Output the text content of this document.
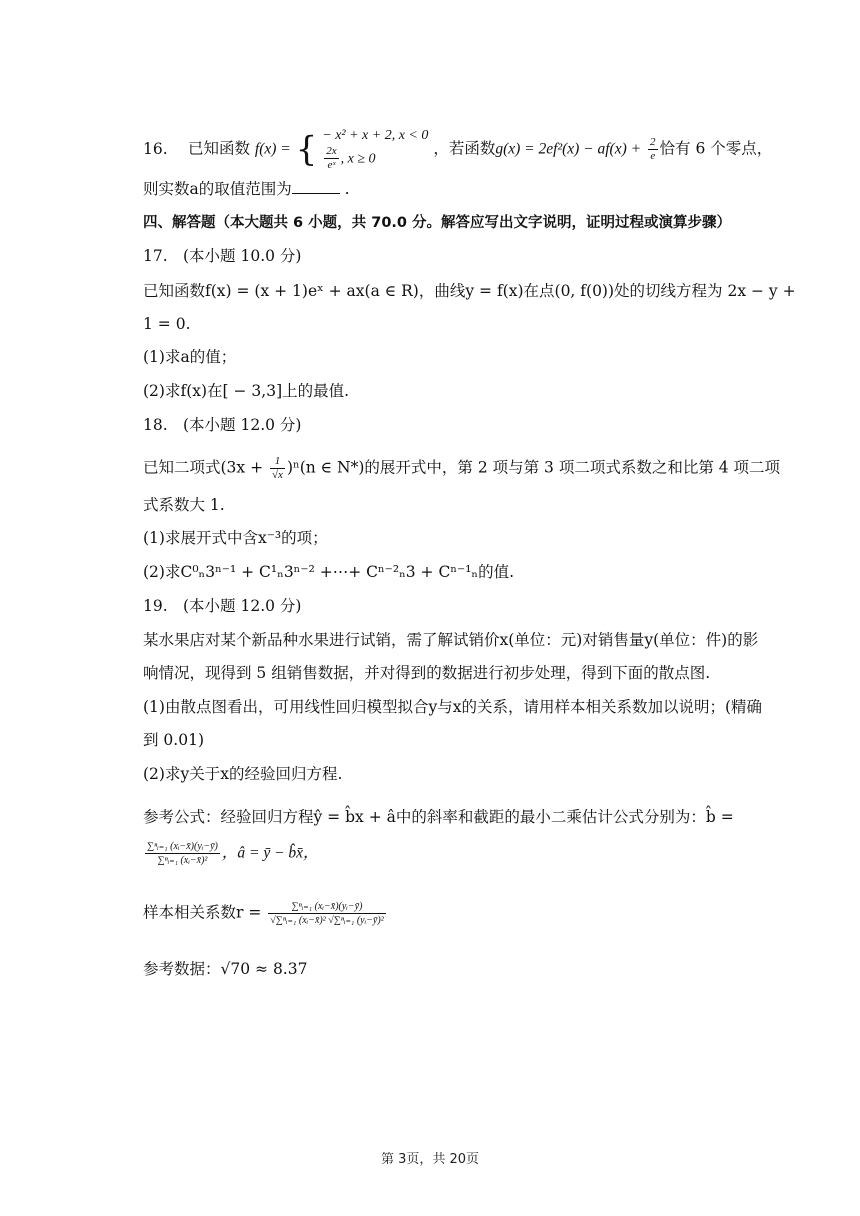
16. 已知函数 f(x) = { − x² + x + 2, x < 0
$\frac{2x}{\text{eˣ}}$ , x ≥ 0
，若函数$g(x) = 2ef^2(x) - af(x) + \frac{2}{e}$ 恰有 6 个零点，
则实数a的取值范围为	.
四、解答题（本大题共 6 小题，共 70.0 分。解答应写出文字说明，证明过程或演算步骤）
17. (本小题 10.0 分)
已知函数f(x) = (x + 1)eˣ + ax(a ∈ R)，曲线y = f(x)在点(0, f(0))处的切线方程为 2x − y +
1 = 0.
(1)求a的值；
(2)求f(x)在[ − 3,3]上的最值.
18. (本小题 12.0 分)
已知二项式$(3x + \frac{1}{√x} )^n(n$ ∈ N*)的展开式中，第 2 项与第 3 项二项式系数之和比第 4 项二项
式系数大 1.
(1)求展开式中含x⁻³的项；
(2)求C⁰ₙ3ⁿ⁻¹ + C¹ₙ3ⁿ⁻² +⋯+ Cⁿ⁻²ₙ3 + Cⁿ⁻¹ₙ的值.
19. (本小题 12.0 分)
某水果店对某个新品种水果进行试销，需了解试销价x(单位：元)对销售量y(单位：件)的影
响情况，现得到 5 组销售数据，并对得到的数据进行初步处理，得到下面的散点图.
(1)由散点图看出，可用线性回归模型拟合y与x的关系，请用样本相关系数加以说明；(精确
到 0.01)
(2)求y关于x的经验回归方程.
参考公式：经验回归方程ŷ = b̂x + â中的斜率和截距的最小二乘估计公式分别为：b̂ =
$\frac{\text{∑ⁿᵢ₌₁ (xᵢ−x̄)(yᵢ−ȳ)}}{\text{∑ⁿᵢ₌₁ (xᵢ−x̄)²}}$ ，â = ȳ − b̂x̄，
样本相关系数$r = \frac{\text{∑ⁿᵢ₌₁ (xᵢ−x̄)(yᵢ−ȳ)}}{\text{√∑ⁿᵢ₌₁ (xᵢ−x̄)² √∑ⁿᵢ₌₁ (yᵢ−ȳ)²}}$
参考数据：√70 ≈ 8.37
第 3页，共 20页
